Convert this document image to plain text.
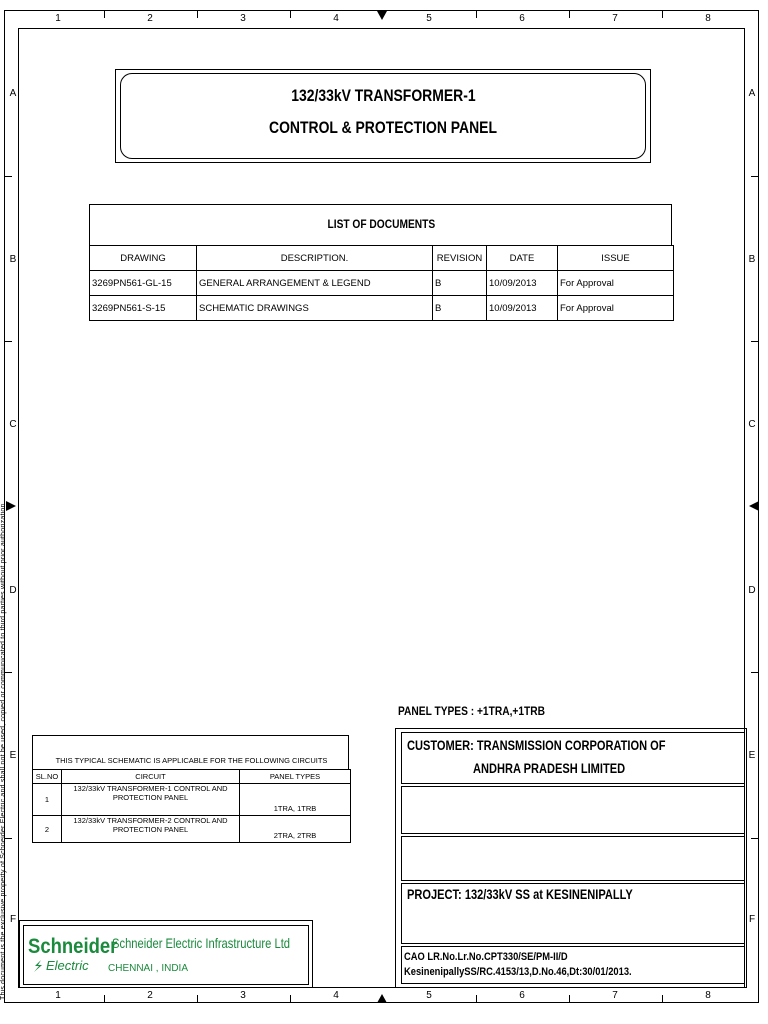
1	2	3	4	5	6	7	8
1	2	3	4	5	6	7	8
A
B
C
D
E
F
A
B
C
D
E
F
This document is the exclusive property of Schneider Electric and shall not be used, copied or communicated to third parties without prior authorization.
132/33kV TRANSFORMER-1
CONTROL & PROTECTION PANEL
LIST OF DOCUMENTS
DRAWING	DESCRIPTION.	REVISION	DATE	ISSUE
3269PN561-GL-15	GENERAL ARRANGEMENT & LEGEND	B	10/09/2013	For Approval
3269PN561-S-15	SCHEMATIC DRAWINGS	B	10/09/2013	For Approval
THIS TYPICAL SCHEMATIC IS APPLICABLE FOR THE FOLLOWING CIRCUITS
SL.NO	CIRCUIT	PANEL TYPES
1	132/33kV TRANSFORMER-1 CONTROL AND PROTECTION PANEL	1TRA, 1TRB
2	132/33kV TRANSFORMER-2 CONTROL AND PROTECTION PANEL	2TRA, 2TRB
PANEL TYPES : +1TRA,+1TRB
CUSTOMER: TRANSMISSION CORPORATION OF
ANDHRA PRADESH LIMITED
PROJECT: 132/33kV SS at KESINENIPALLY
CAO LR.No.Lr.No.CPT330/SE/PM-II/D
KesinenipallySS/RC.4153/13,D.No.46,Dt:30/01/2013.
Schneider
Electric
Schneider Electric Infrastructure Ltd
CHENNAI , INDIA
